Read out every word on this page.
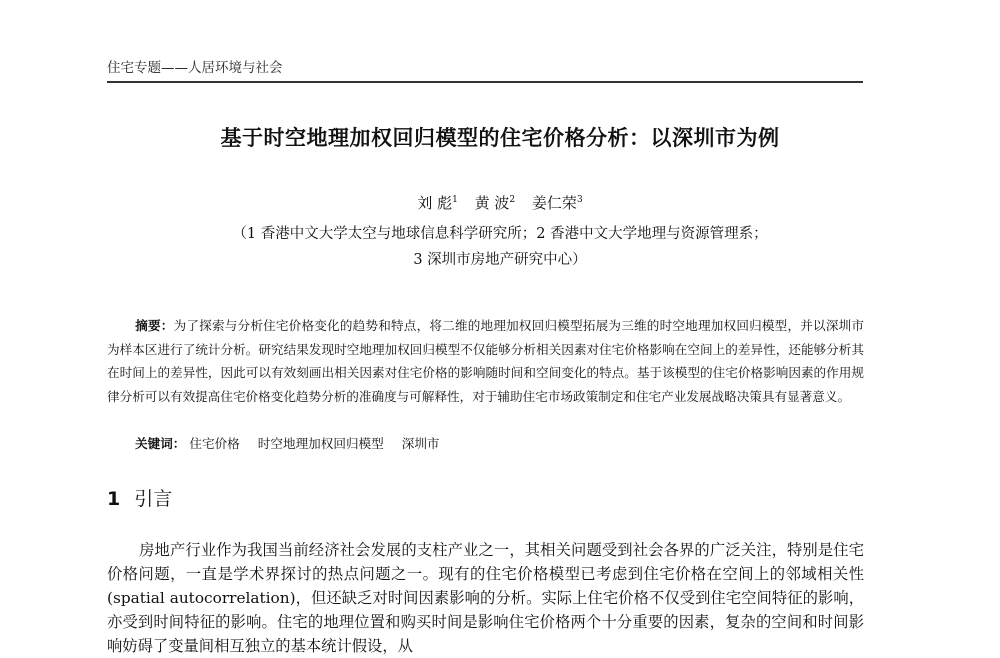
住宅专题——人居环境与社会
基于时空地理加权回归模型的住宅价格分析：以深圳市为例
刘 彪$^1$ 黄 波$^2$ 姜仁荣$^3$
（1 香港中文大学太空与地球信息科学研究所；2 香港中文大学地理与资源管理系；
3 深圳市房地产研究中心）
摘要：为了探索与分析住宅价格变化的趋势和特点，将二维的地理加权回归模型拓展为三维的时空地理加权回归模型，并以深圳市为样本区进行了统计分析。研究结果发现时空地理加权回归模型不仅能够分析相关因素对住宅价格影响在空间上的差异性，还能够分析其在时间上的差异性，因此可以有效刻画出相关因素对住宅价格的影响随时间和空间变化的特点。基于该模型的住宅价格影响因素的作用规律分析可以有效提高住宅价格变化趋势分析的准确度与可解释性，对于辅助住宅市场政策制定和住宅产业发展战略决策具有显著意义。
关键词： 住宅价格 时空地理加权回归模型 深圳市
1 引言
房地产行业作为我国当前经济社会发展的支柱产业之一，其相关问题受到社会各界的广泛关注，特别是住宅价格问题，一直是学术界探讨的热点问题之一。现有的住宅价格模型已考虑到住宅价格在空间上的邻域相关性(spatial autocorrelation)，但还缺乏对时间因素影响的分析。实际上住宅价格不仅受到住宅空间特征的影响，亦受到时间特征的影响。住宅的地理位置和购买时间是影响住宅价格两个十分重要的因素，复杂的空间和时间影响妨碍了变量间相互独立的基本统计假设，从
